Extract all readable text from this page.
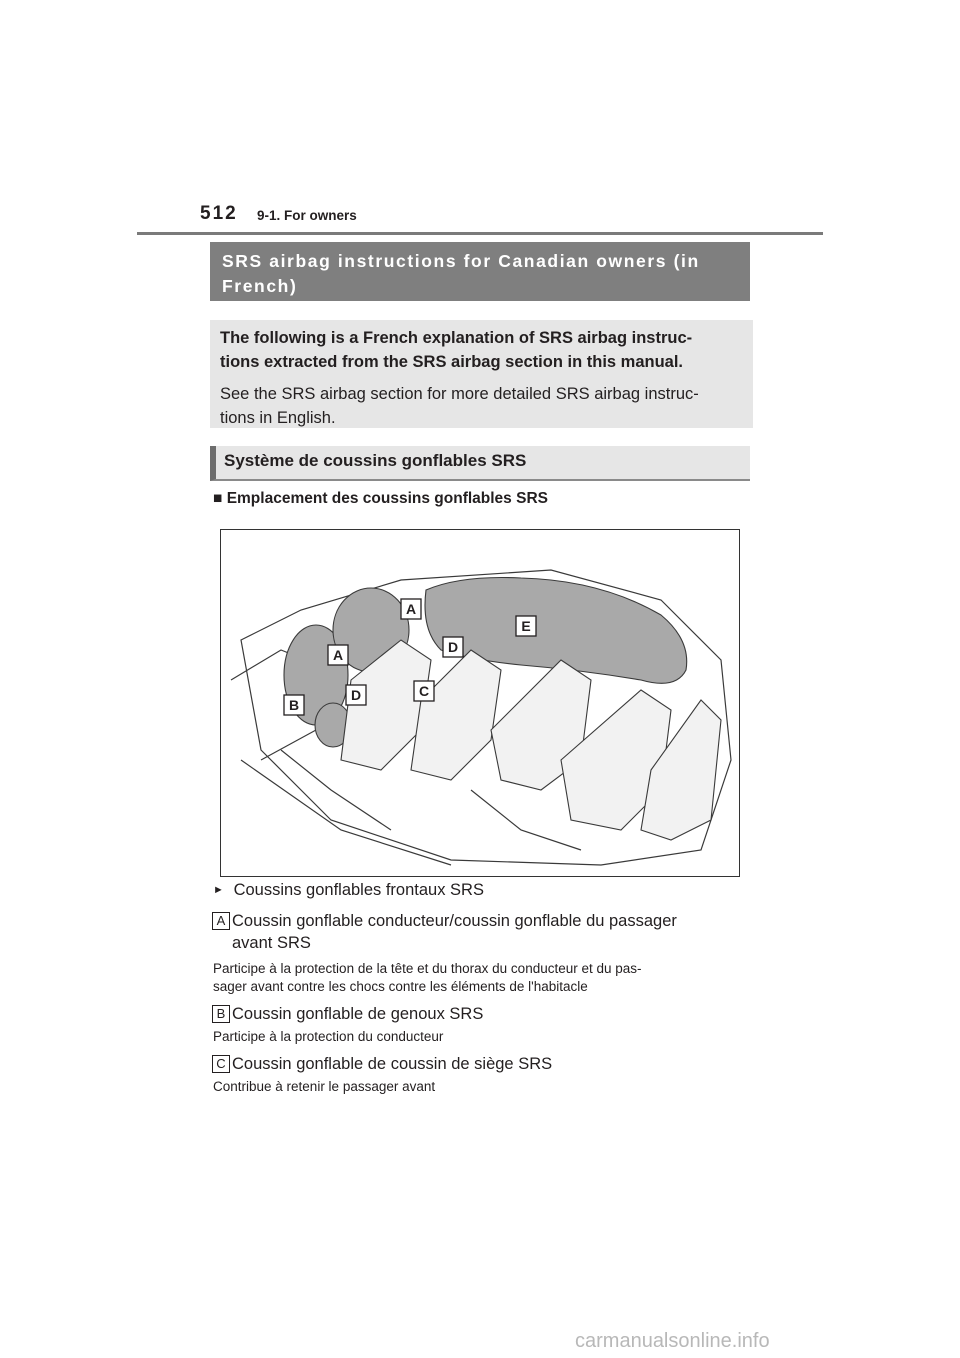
512 9-1. For owners
SRS airbag instructions for Canadian owners (in French)

The following is a French explanation of SRS airbag instruc-
tions extracted from the SRS airbag section in this manual.

See the SRS airbag section for more detailed SRS airbag instruc-
tions in English.

Système de coussins gonflables SRS
■ Emplacement des coussins gonflables SRS
A
A
B
C
D
D
E
► Coussins gonflables frontaux SRS
A Coussin gonflable conducteur/coussin gonflable du passager
avant SRS
Participe à la protection de la tête et du thorax du conducteur et du pas-
sager avant contre les chocs contre les éléments de l'habitacle
B Coussin gonflable de genoux SRS
Participe à la protection du conducteur
C Coussin gonflable de coussin de siège SRS
Contribue à retenir le passager avant
carmanualsonline.info
